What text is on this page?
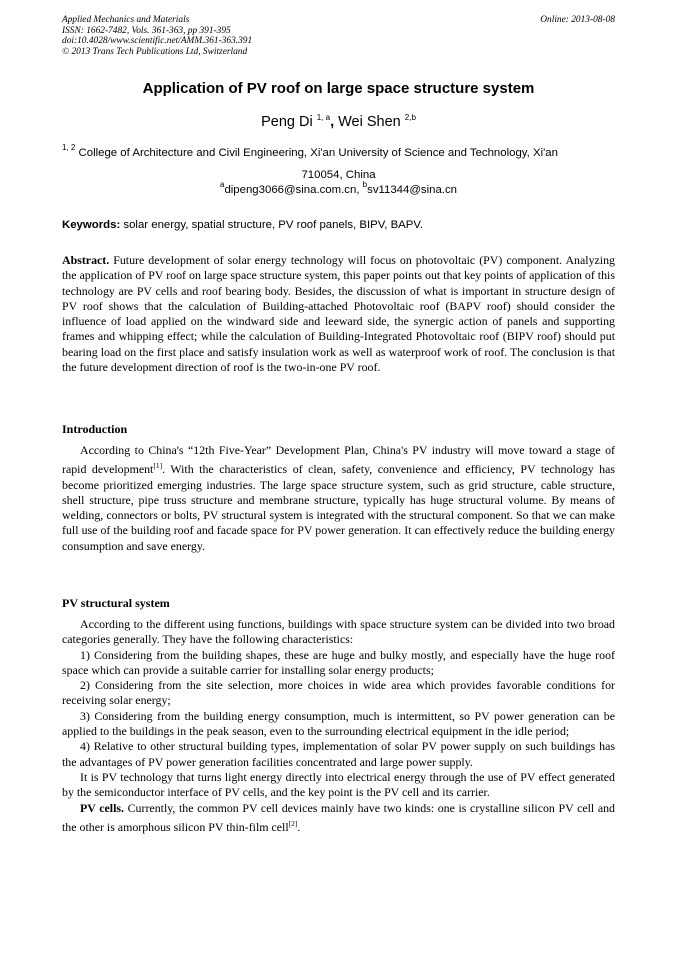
Applied Mechanics and Materials
ISSN: 1662-7482, Vols. 361-363, pp 391-395
doi:10.4028/www.scientific.net/AMM.361-363.391
© 2013 Trans Tech Publications Ltd, Switzerland
Online: 2013-08-08
Application of PV roof on large space structure system
Peng Di $^{1, a}$, Wei Shen $^{2,b}$
$^{1, 2}$ College of Architecture and Civil Engineering, Xi'an University of Science and Technology, Xi'an
710054, China
$^a$dipeng3066@sina.com.cn, $^b$sv11344@sina.cn
Keywords: solar energy, spatial structure, PV roof panels, BIPV, BAPV.
Abstract. Future development of solar energy technology will focus on photovoltaic (PV) component. Analyzing the application of PV roof on large space structure system, this paper points out that key points of application of this technology are PV cells and roof bearing body. Besides, the discussion of what is important in structure design of PV roof shows that the calculation of Building-attached Photovoltaic roof (BAPV roof) should consider the influence of load applied on the windward side and leeward side, the synergic action of panels and supporting frames and whipping effect; while the calculation of Building-Integrated Photovoltaic roof (BIPV roof) should put bearing load on the first place and satisfy insulation work as well as waterproof work of roof. The conclusion is that the future development direction of roof is the two-in-one PV roof.
Introduction

According to China's “12th Five-Year” Development Plan, China's PV industry will move toward a stage of rapid development[1]. With the characteristics of clean, safety, convenience and efficiency, PV technology has become prioritized emerging industries. The large space structure system, such as grid structure, cable structure, shell structure, pipe truss structure and membrane structure, typically has huge structural volume. By means of welding, connectors or bolts, PV structural system is integrated with the structural component. So that we can make full use of the building roof and facade space for PV power generation. It can effectively reduce the building energy consumption and save energy.

PV structural system

According to the different using functions, buildings with space structure system can be divided into two broad categories generally. They have the following characteristics:

1) Considering from the building shapes, these are huge and bulky mostly, and especially have the huge roof space which can provide a suitable carrier for installing solar energy products;

2) Considering from the site selection, more choices in wide area which provides favorable conditions for receiving solar energy;

3) Considering from the building energy consumption, much is intermittent, so PV power generation can be applied to the buildings in the peak season, even to the surrounding electrical equipment in the idle period;

4) Relative to other structural building types, implementation of solar PV power supply on such buildings has the advantages of PV power generation facilities concentrated and large power supply.

It is PV technology that turns light energy directly into electrical energy through the use of PV effect generated by the semiconductor interface of PV cells, and the key point is the PV cell and its carrier.

PV cells. Currently, the common PV cell devices mainly have two kinds: one is crystalline silicon PV cell and the other is amorphous silicon PV thin-film cell[2].
